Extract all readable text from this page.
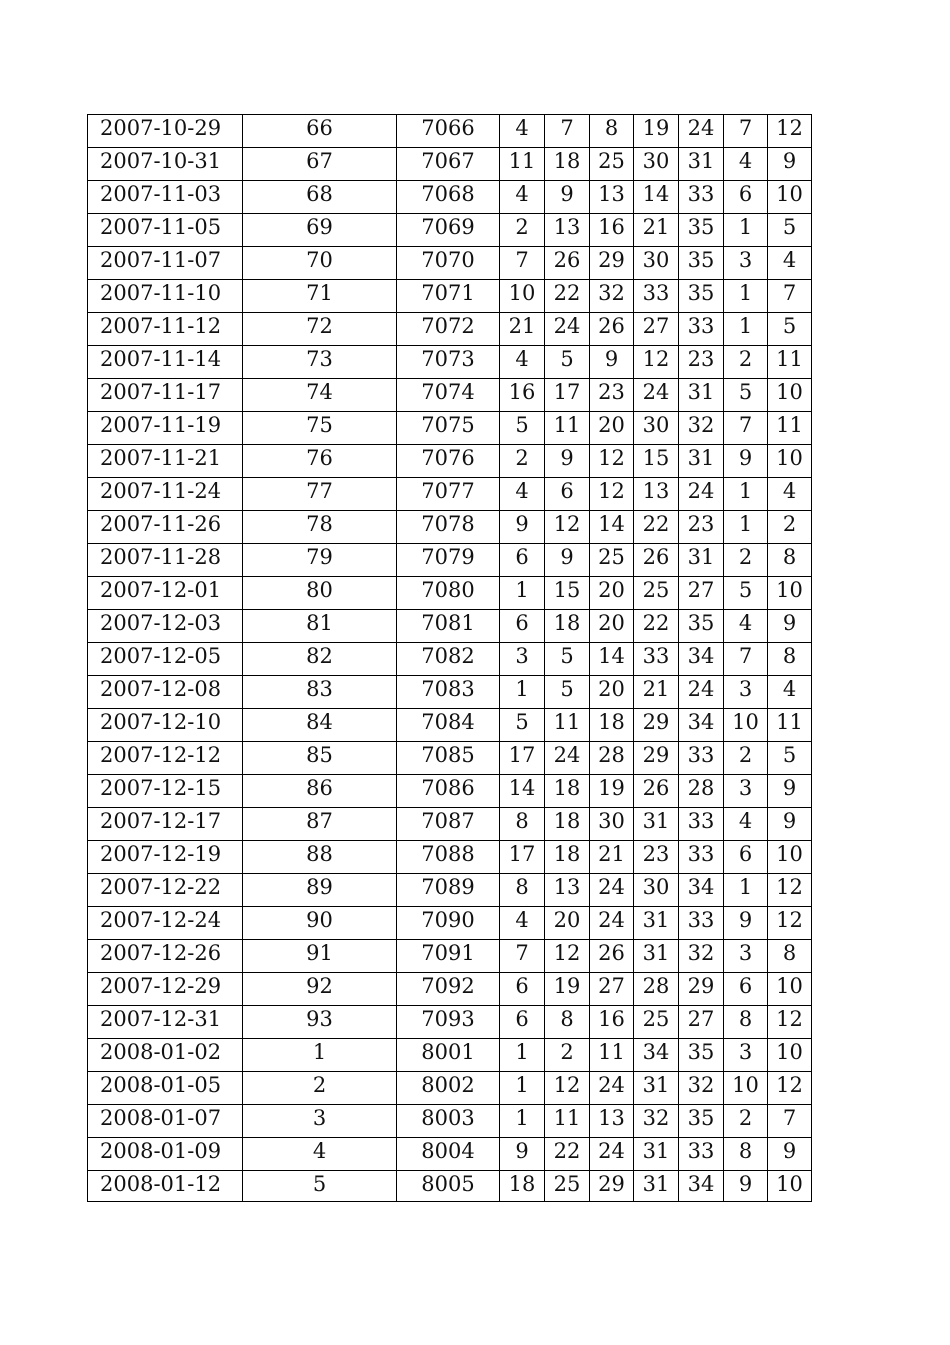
2007-10-29	66	7066	4	7	8	19	24	7	12
2007-10-31	67	7067	11	18	25	30	31	4	9
2007-11-03	68	7068	4	9	13	14	33	6	10
2007-11-05	69	7069	2	13	16	21	35	1	5
2007-11-07	70	7070	7	26	29	30	35	3	4
2007-11-10	71	7071	10	22	32	33	35	1	7
2007-11-12	72	7072	21	24	26	27	33	1	5
2007-11-14	73	7073	4	5	9	12	23	2	11
2007-11-17	74	7074	16	17	23	24	31	5	10
2007-11-19	75	7075	5	11	20	30	32	7	11
2007-11-21	76	7076	2	9	12	15	31	9	10
2007-11-24	77	7077	4	6	12	13	24	1	4
2007-11-26	78	7078	9	12	14	22	23	1	2
2007-11-28	79	7079	6	9	25	26	31	2	8
2007-12-01	80	7080	1	15	20	25	27	5	10
2007-12-03	81	7081	6	18	20	22	35	4	9
2007-12-05	82	7082	3	5	14	33	34	7	8
2007-12-08	83	7083	1	5	20	21	24	3	4
2007-12-10	84	7084	5	11	18	29	34	10	11
2007-12-12	85	7085	17	24	28	29	33	2	5
2007-12-15	86	7086	14	18	19	26	28	3	9
2007-12-17	87	7087	8	18	30	31	33	4	9
2007-12-19	88	7088	17	18	21	23	33	6	10
2007-12-22	89	7089	8	13	24	30	34	1	12
2007-12-24	90	7090	4	20	24	31	33	9	12
2007-12-26	91	7091	7	12	26	31	32	3	8
2007-12-29	92	7092	6	19	27	28	29	6	10
2007-12-31	93	7093	6	8	16	25	27	8	12
2008-01-02	1	8001	1	2	11	34	35	3	10
2008-01-05	2	8002	1	12	24	31	32	10	12
2008-01-07	3	8003	1	11	13	32	35	2	7
2008-01-09	4	8004	9	22	24	31	33	8	9
2008-01-12	5	8005	18	25	29	31	34	9	10
